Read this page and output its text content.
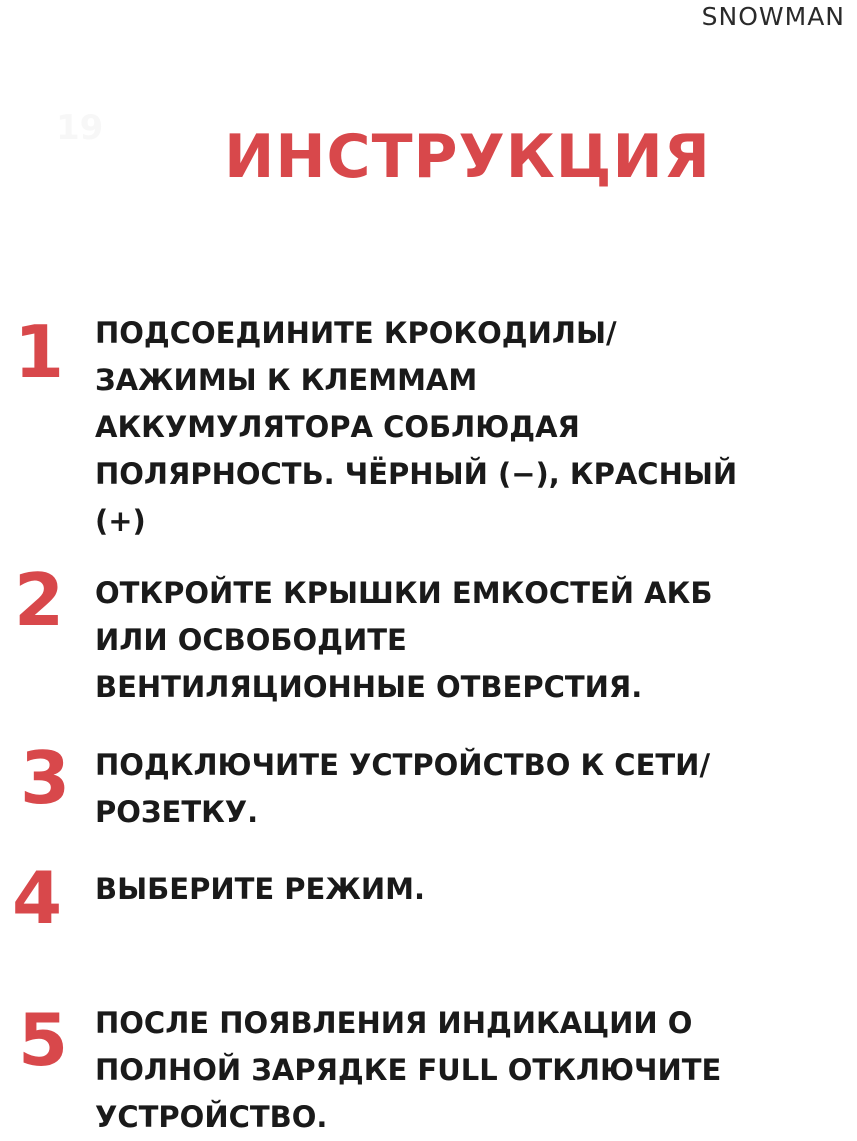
SNOWMAN
19	ИНСТРУКЦИЯ
1 ПОДСОЕДИНИТЕ КРОКОДИЛЫ/
ЗАЖИМЫ К КЛЕММАМ
АККУМУЛЯТОРА СОБЛЮДАЯ
ПОЛЯРНОСТЬ. ЧЁРНЫЙ (−), КРАСНЫЙ
(+)
2 ОТКРОЙТЕ КРЫШКИ ЕМКОСТЕЙ АКБ
ИЛИ ОСВОБОДИТЕ
ВЕНТИЛЯЦИОННЫЕ ОТВЕРСТИЯ.
3 ПОДКЛЮЧИТЕ УСТРОЙСТВО К СЕТИ/
РОЗЕТКУ.
4 ВЫБЕРИТЕ РЕЖИМ.
5 ПОСЛЕ ПОЯВЛЕНИЯ ИНДИКАЦИИ О
ПОЛНОЙ ЗАРЯДКЕ FULL ОТКЛЮЧИТЕ
УСТРОЙСТВО.
